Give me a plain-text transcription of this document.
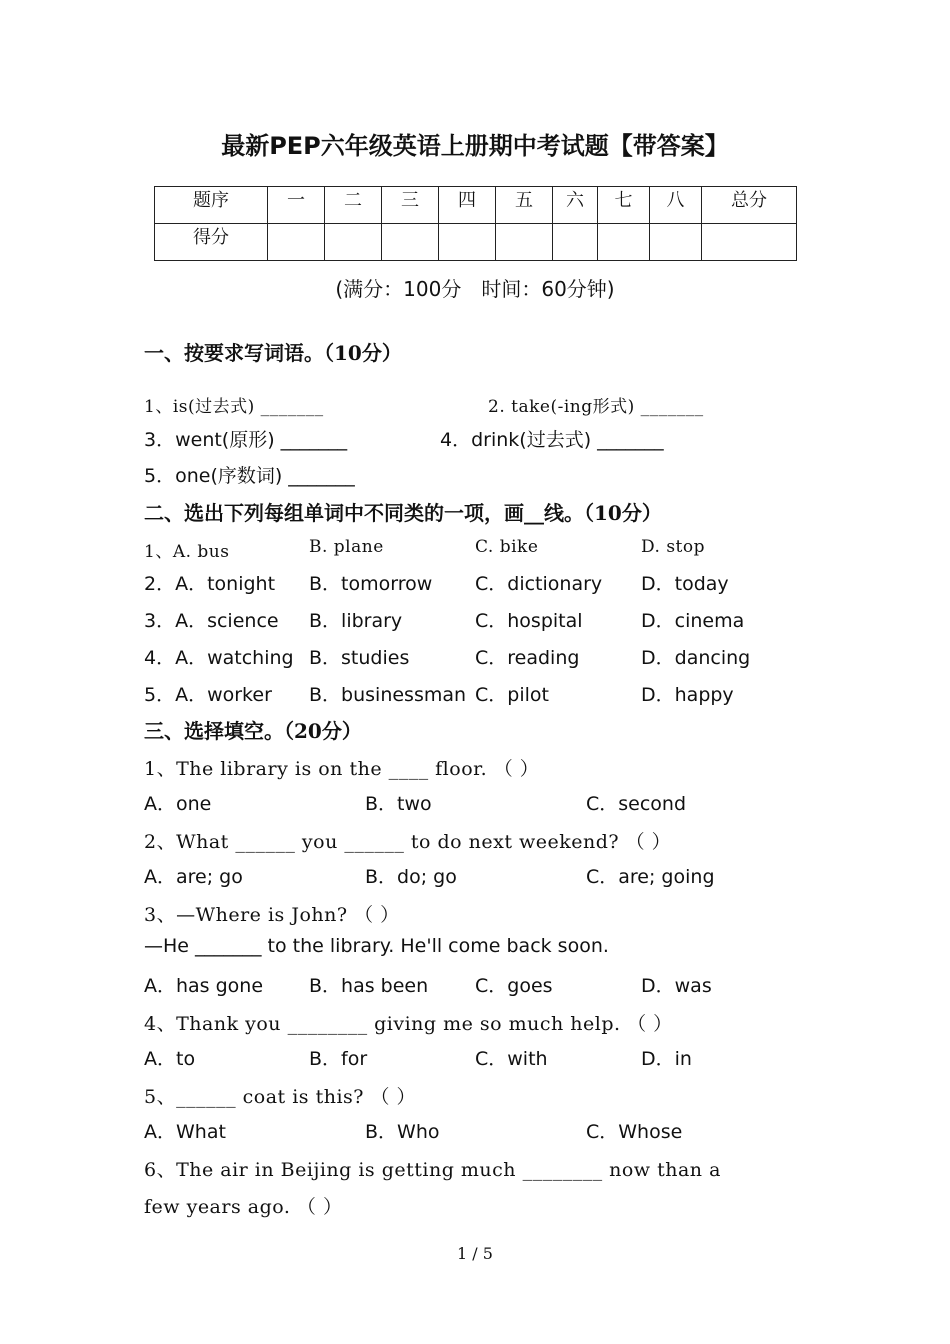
最新PEP六年级英语上册期中考试题【带答案】
题序	一	二	三	四	五	六	七	八	总分
得分									
(满分：100分　时间：60分钟)
一、按要求写词语。（10分）
1、is(过去式) _______	2. take(-ing形式) _______
3．went(原形) _______	4．drink(过去式) _______
5．one(序数词) _______
二、选出下列每组单词中不同类的一项，画__线。（10分）
1、A. bus	B. plane	C. bike	D. stop
2．A．tonight B．tomorrow C．dictionary D．today
3．A．science B．library	C．hospital	D．cinema
4．A．watching B．studies	C．reading	D．dancing
5．A．worker B．businessman C．pilot	D．happy
三、选择填空。（20分）
1、The library is on the ____ floor. （ ）
A．one	B．two	C．second
2、What ______ you ______ to do next weekend? （ ）
A．are; go	B．do; go	C．are; going
3、—Where is John? （ ）
—He _______ to the library. He'll come back soon.
A．has gone B．has been C．goes	D．was
4、Thank you ________ giving me so much help. （ ）
A．to	B．for	C．with	D．in
5、______ coat is this? （ ）
A．What	B．Who	C．Whose
6、The air in Beijing is getting much ________ now than a
few years ago. （ ）
1 / 5
